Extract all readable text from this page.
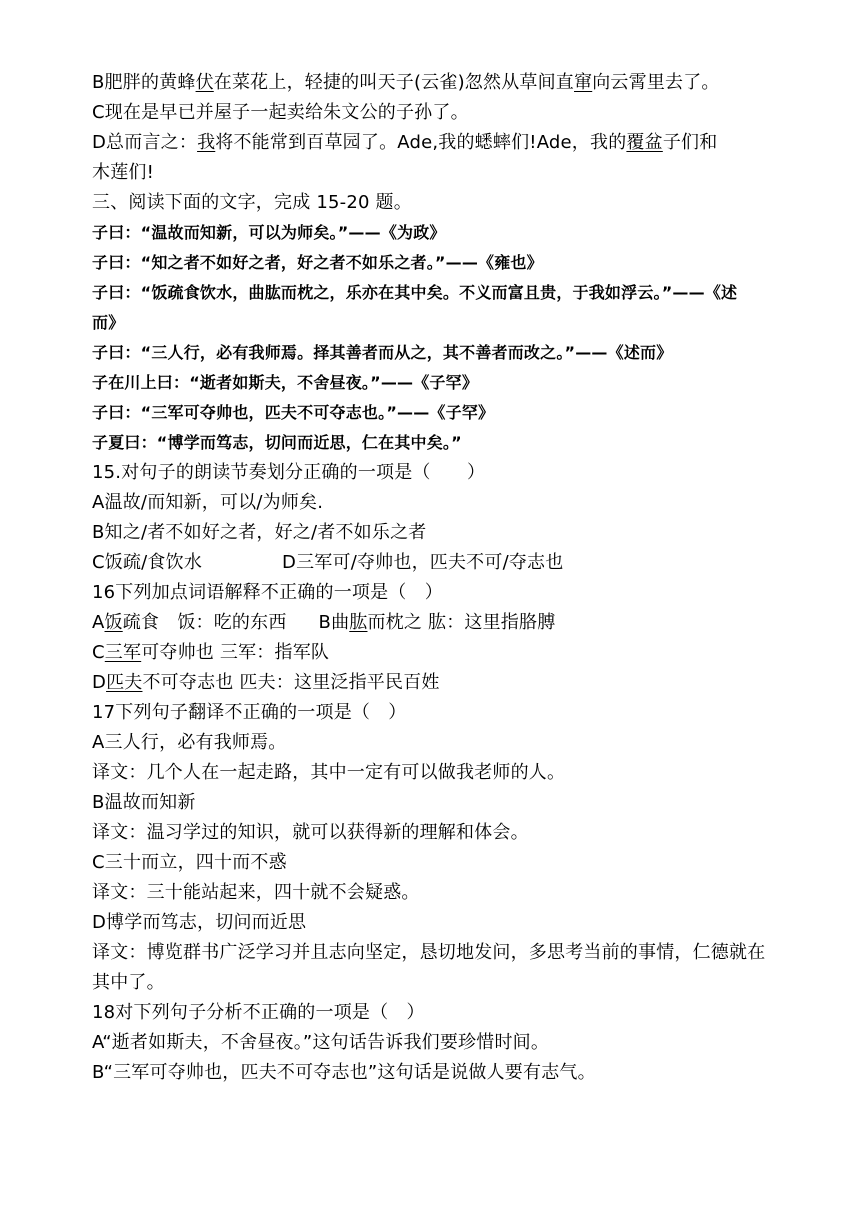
B肥胖的黄蜂伏在菜花上，轻捷的叫天子(云雀)忽然从草间直窜向云霄里去了。

C现在是早已并屋子一起卖给朱文公的子孙了。

D总而言之：我将不能常到百草园了。Ade,我的蟋蟀们!Ade，我的覆盆子们和

木莲们!

三、阅读下面的文字，完成 15-20 题。

子曰：“温故而知新，可以为师矣。”——《为政》

子曰：“知之者不如好之者，好之者不如乐之者。”——《雍也》

子曰：“饭疏食饮水，曲肱而枕之，乐亦在其中矣。不义而富且贵，于我如浮云。”——《述

而》

子曰：“三人行，必有我师焉。择其善者而从之，其不善者而改之。”——《述而》

子在川上曰：“逝者如斯夫，不舍昼夜。”——《子罕》

子曰：“三军可夺帅也，匹夫不可夺志也。”——《子罕》

子夏曰：“博学而笃志，切问而近思，仁在其中矣。”

15.对句子的朗读节奏划分正确的一项是（　　）

A温故/而知新，可以/为师矣.

B知之/者不如好之者，好之/者不如乐之者

C饭疏/食饮水	D三军可/夺帅也，匹夫不可/夺志也

16下列加点词语解释不正确的一项是（　）

A饭疏食　饭：吃的东西 B曲肱而枕之 肱：这里指胳膊

C三军可夺帅也 三军：指军队

D匹夫不可夺志也 匹夫：这里泛指平民百姓

17下列句子翻译不正确的一项是（　）

A三人行，必有我师焉。

译文：几个人在一起走路，其中一定有可以做我老师的人。

B温故而知新

译文：温习学过的知识，就可以获得新的理解和体会。

C三十而立，四十而不惑

译文：三十能站起来，四十就不会疑惑。

D博学而笃志，切问而近思

译文：博览群书广泛学习并且志向坚定，恳切地发问，多思考当前的事情，仁德就在其中了。

18对下列句子分析不正确的一项是（　）

A“逝者如斯夫，不舍昼夜。”这句话告诉我们要珍惜时间。

B“三军可夺帅也，匹夫不可夺志也”这句话是说做人要有志气。
